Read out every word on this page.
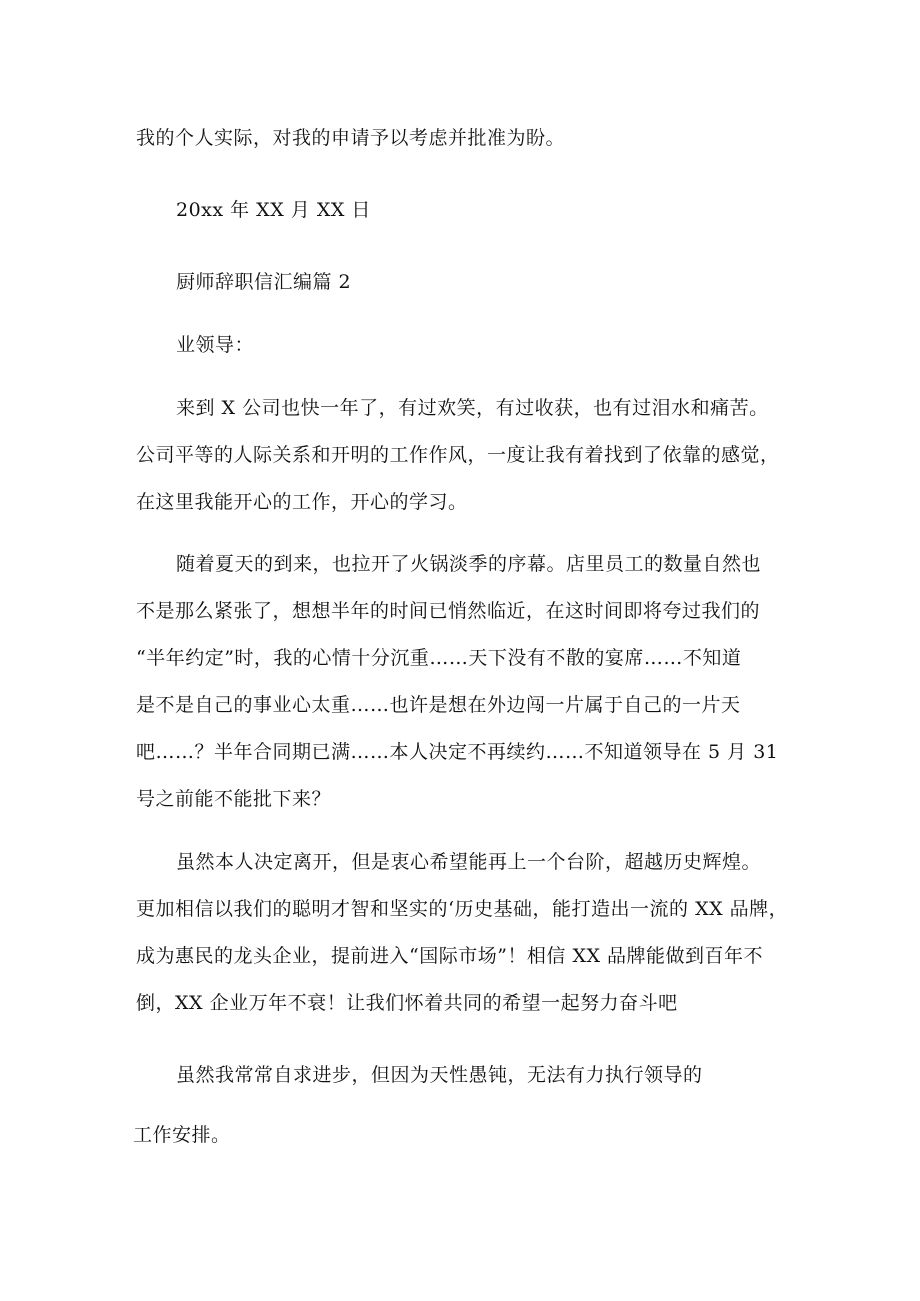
我的个人实际，对我的申请予以考虑并批准为盼。
20xx 年 XX 月 XX 日
厨师辞职信汇编篇 2
业领导：
来到 X 公司也快一年了，有过欢笑，有过收获，也有过泪水和痛苦。
公司平等的人际关系和开明的工作作风，一度让我有着找到了依靠的感觉，
在这里我能开心的工作，开心的学习。
随着夏天的到来，也拉开了火锅淡季的序幕。店里员工的数量自然也
不是那么紧张了，想想半年的时间已悄然临近，在这时间即将夸过我们的
“半年约定”时，我的心情十分沉重……天下没有不散的宴席……不知道
是不是自己的事业心太重……也许是想在外边闯一片属于自己的一片天
吧……？半年合同期已满……本人决定不再续约……不知道领导在 5 月 31
号之前能不能批下来？
虽然本人决定离开，但是衷心希望能再上一个台阶，超越历史辉煌。
更加相信以我们的聪明才智和坚实的‘历史基础，能打造出一流的 XX 品牌，
成为惠民的龙头企业，提前进入“国际市场”！相信 XX 品牌能做到百年不
倒，XX 企业万年不衰！让我们怀着共同的希望一起努力奋斗吧
虽然我常常自求进步，但因为天性愚钝，无法有力执行领导的
工作安排。
